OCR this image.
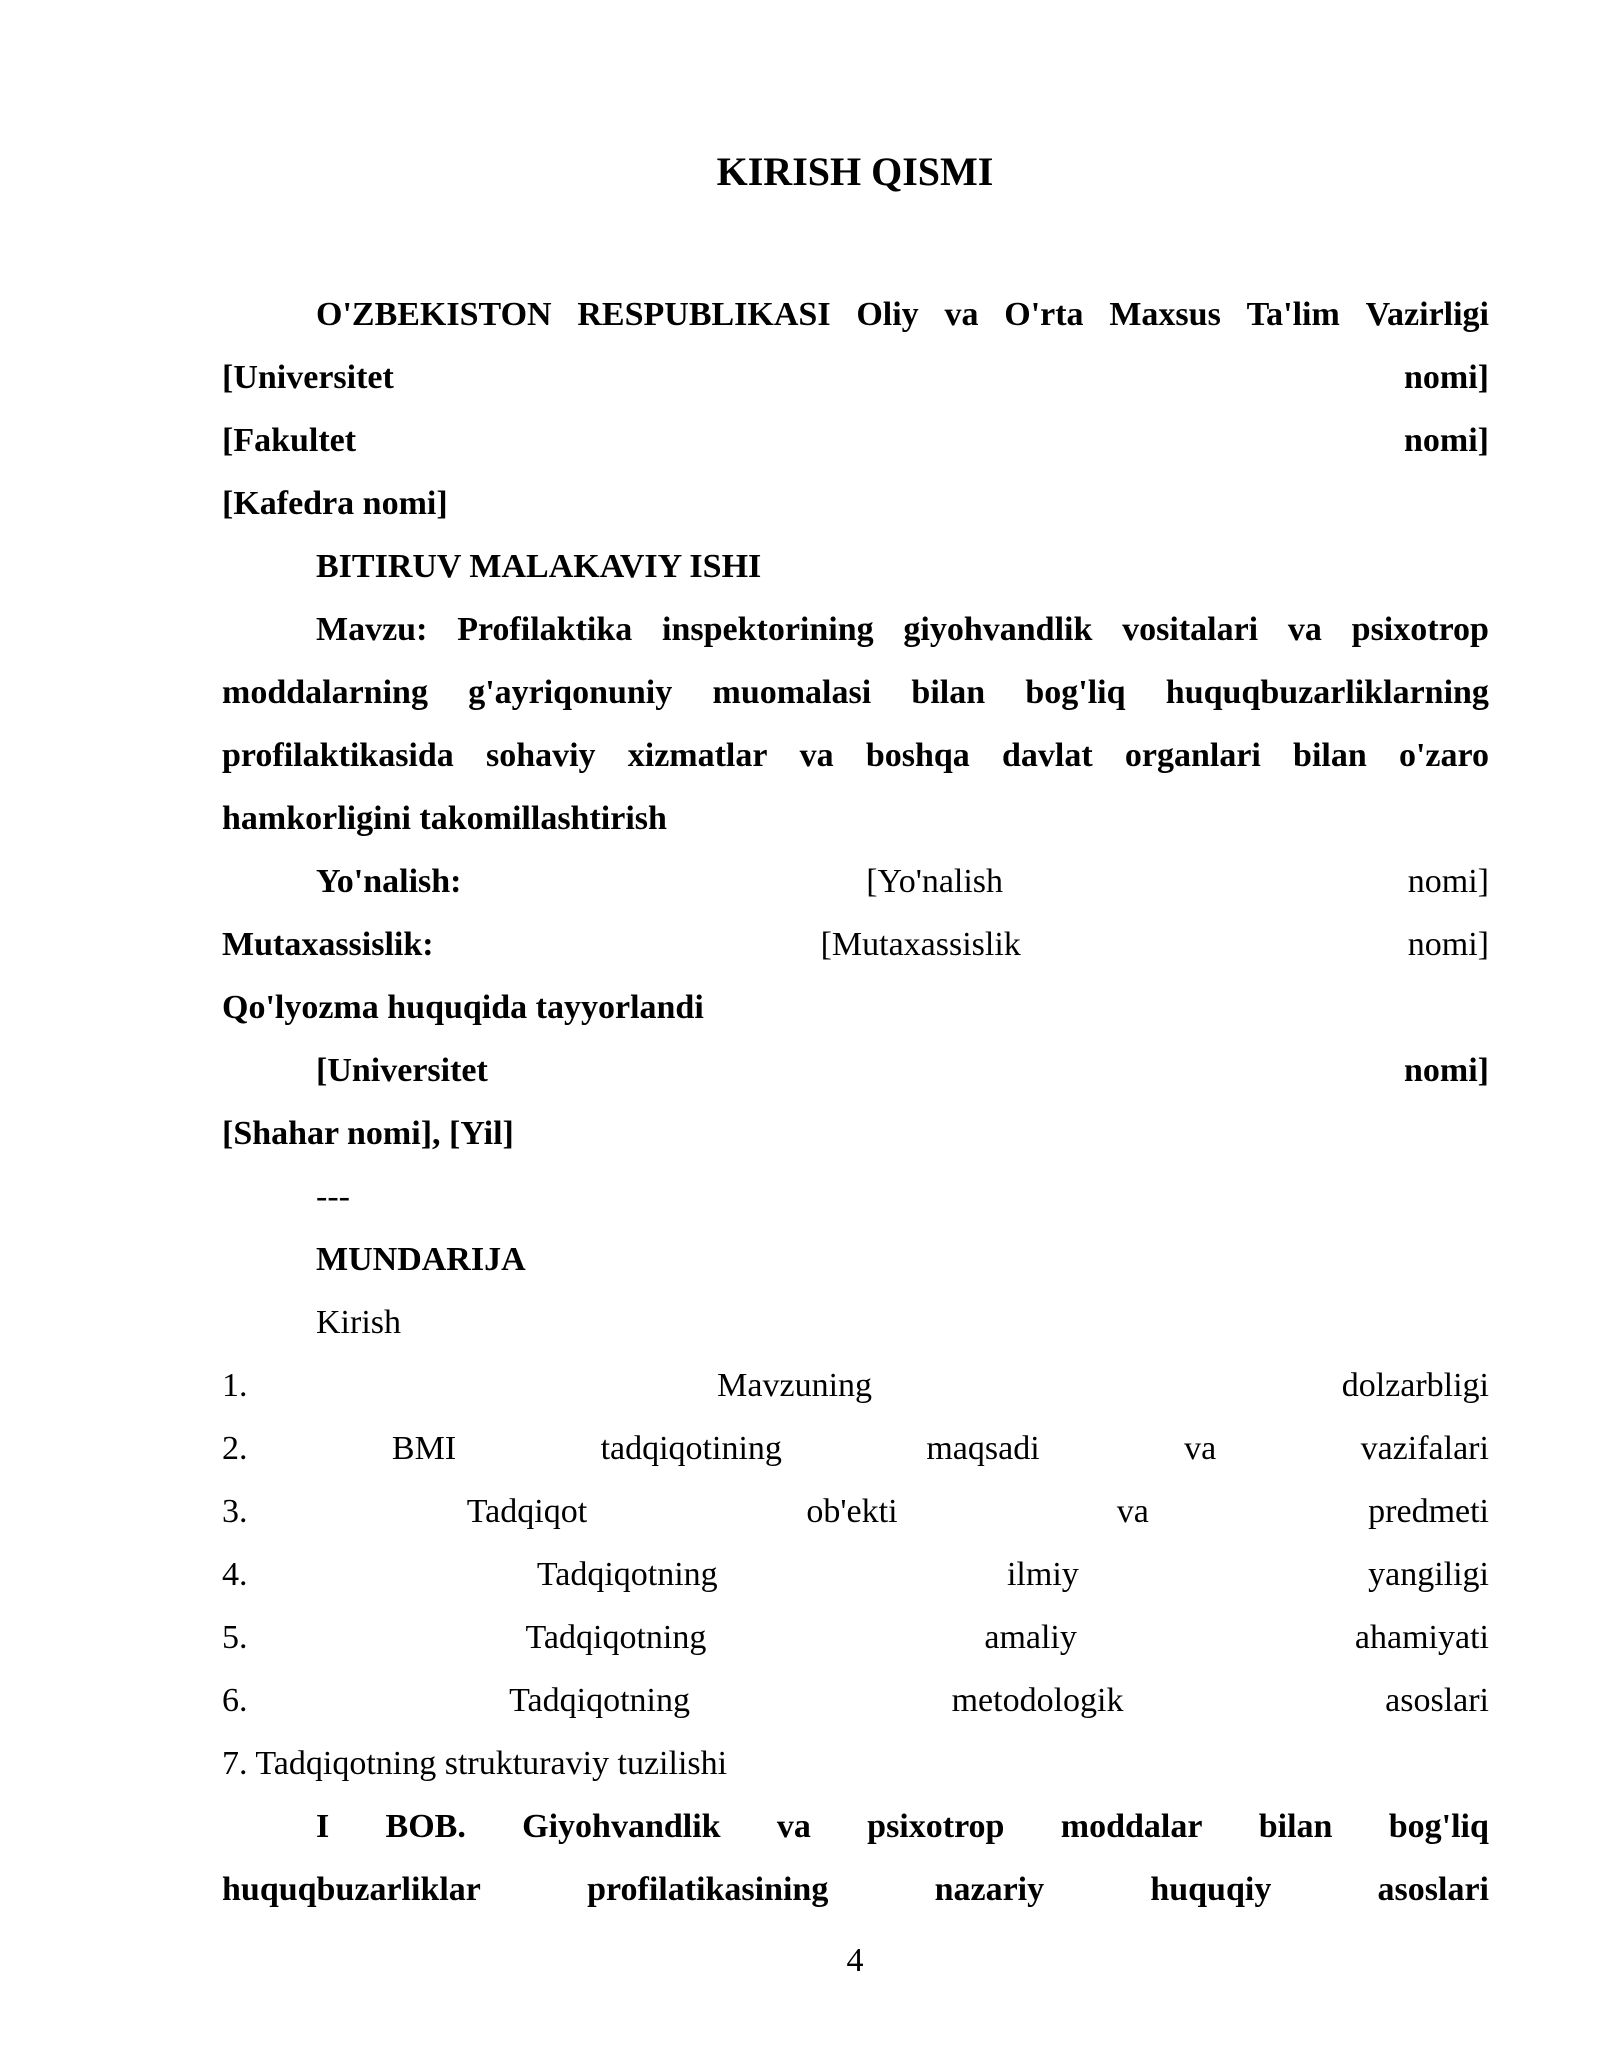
KIRISH QISMI
O'ZBEKISTON RESPUBLIKASI Oliy va O'rta Maxsus Ta'lim Vazirligi
[Universitet	nomi]
[Fakultet	nomi]
[Kafedra nomi]
BITIRUV MALAKAVIY ISHI
Mavzu: Profilaktika inspektorining giyohvandlik vositalari va psixotrop
moddalarning g'ayriqonuniy muomalasi bilan bog'liq huquqbuzarliklarning
profilaktikasida sohaviy xizmatlar va boshqa davlat organlari bilan o'zaro
hamkorligini takomillashtirish
Yo'nalish:	[Yo'nalish	nomi]
Mutaxassislik:	[Mutaxassislik	nomi]
Qo'lyozma huquqida tayyorlandi
[Universitet	nomi]
[Shahar nomi], [Yil]
---
MUNDARIJA
Kirish
1.	Mavzuning	dolzarbligi
2.	BMI	tadqiqotining	maqsadi	va	vazifalari
3.	Tadqiqot	ob'ekti	va	predmeti
4.	Tadqiqotning	ilmiy	yangiligi
5.	Tadqiqotning	amaliy	ahamiyati
6.	Tadqiqotning	metodologik	asoslari
7. Tadqiqotning strukturaviy tuzilishi
I BOB. Giyohvandlik va psixotrop moddalar bilan bog'liq
huquqbuzarliklar	profilatikasining	nazariy	huquqiy	asoslari
4
